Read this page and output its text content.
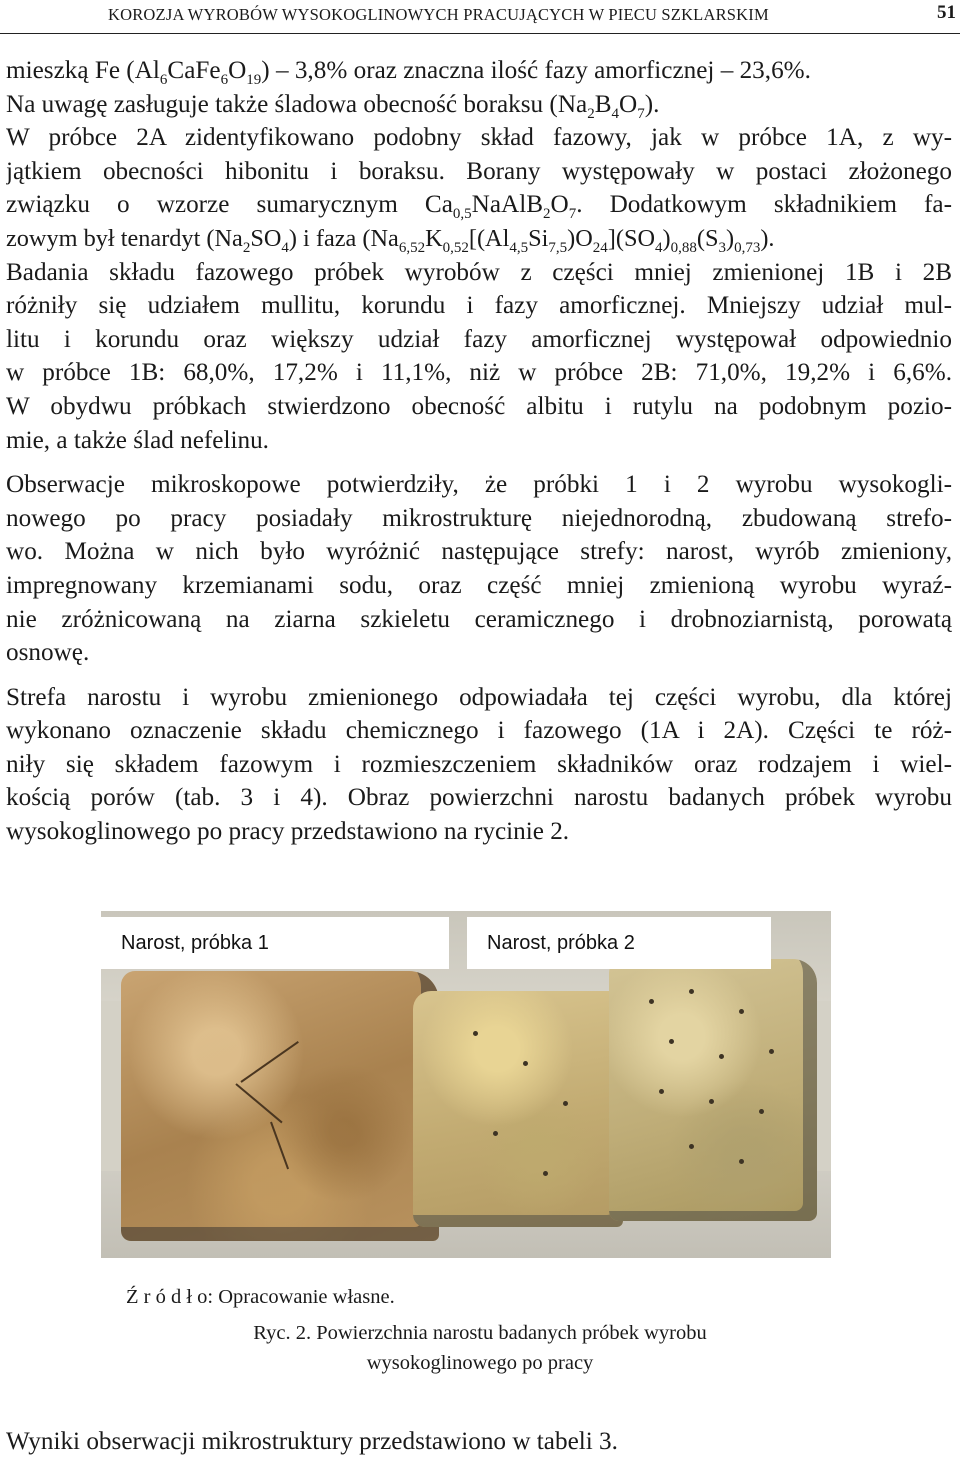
KOROZJA WYROBÓW WYSOKOGLINOWYCH PRACUJĄCYCH W PIECU SZKLARSKIM	51
mieszką Fe $(Al_6CaFe_6O_{19}) - 3,8\%$ oraz znaczna ilość fazy amorficznej – 23,6%.
Na uwagę zasługuje także śladowa obecność boraksu $(Na_2B_4O_7)$.
W próbce 2A zidentyfikowano podobny skład fazowy, jak w próbce 1A, z wy-
jątkiem obecności hibonitu i boraksu. Borany występowały w postaci złożonego
związku o wzorze sumarycznym $Ca_{0,5}NaAlB_2O_7$. Dodatkowym składnikiem fa-
zowym był tenardyt $(Na_2SO_4)$ i faza $(Na_{6,52}K_{0,52}[(Al_{4,5}Si_{7,5})O_{24}](SO_4)_{0,88}(S_3)_{0,73})$.
Badania składu fazowego próbek wyrobów z części mniej zmienionej 1B i 2B
różniły się udziałem mullitu, korundu i fazy amorficznej. Mniejszy udział mul-
litu i korundu oraz większy udział fazy amorficznej występował odpowiednio
w próbce 1B: 68,0%, 17,2% i 11,1%, niż w próbce 2B: 71,0%, 19,2% i 6,6%.
W obydwu próbkach stwierdzono obecność albitu i rutylu na podobnym pozio-
mie, a także ślad nefelinu.
Obserwacje mikroskopowe potwierdziły, że próbki 1 i 2 wyrobu wysokogli-
nowego po pracy posiadały mikrostrukturę niejednorodną, zbudowaną strefo-
wo. Można w nich było wyróżnić następujące strefy: narost, wyrób zmieniony,
impregnowany krzemianami sodu, oraz część mniej zmienioną wyrobu wyraź-
nie zróżnicowaną na ziarna szkieletu ceramicznego i drobnoziarnistą, porowatą
osnowę.
Strefa narostu i wyrobu zmienionego odpowiadała tej części wyrobu, dla której
wykonano oznaczenie składu chemicznego i fazowego (1A i 2A). Części te róż-
niły się składem fazowym i rozmieszczeniem składników oraz rodzajem i wiel-
kością porów (tab. 3 i 4). Obraz powierzchni narostu badanych próbek wyrobu
wysokoglinowego po pracy przedstawiono na rycinie 2.
Narost, próbka 1	Narost, próbka 2
Ź r ó d ł o: Opracowanie własne.
Ryc. 2. Powierzchnia narostu badanych próbek wyrobu
wysokoglinowego po pracy
Wyniki obserwacji mikrostruktury przedstawiono w tabeli 3.
